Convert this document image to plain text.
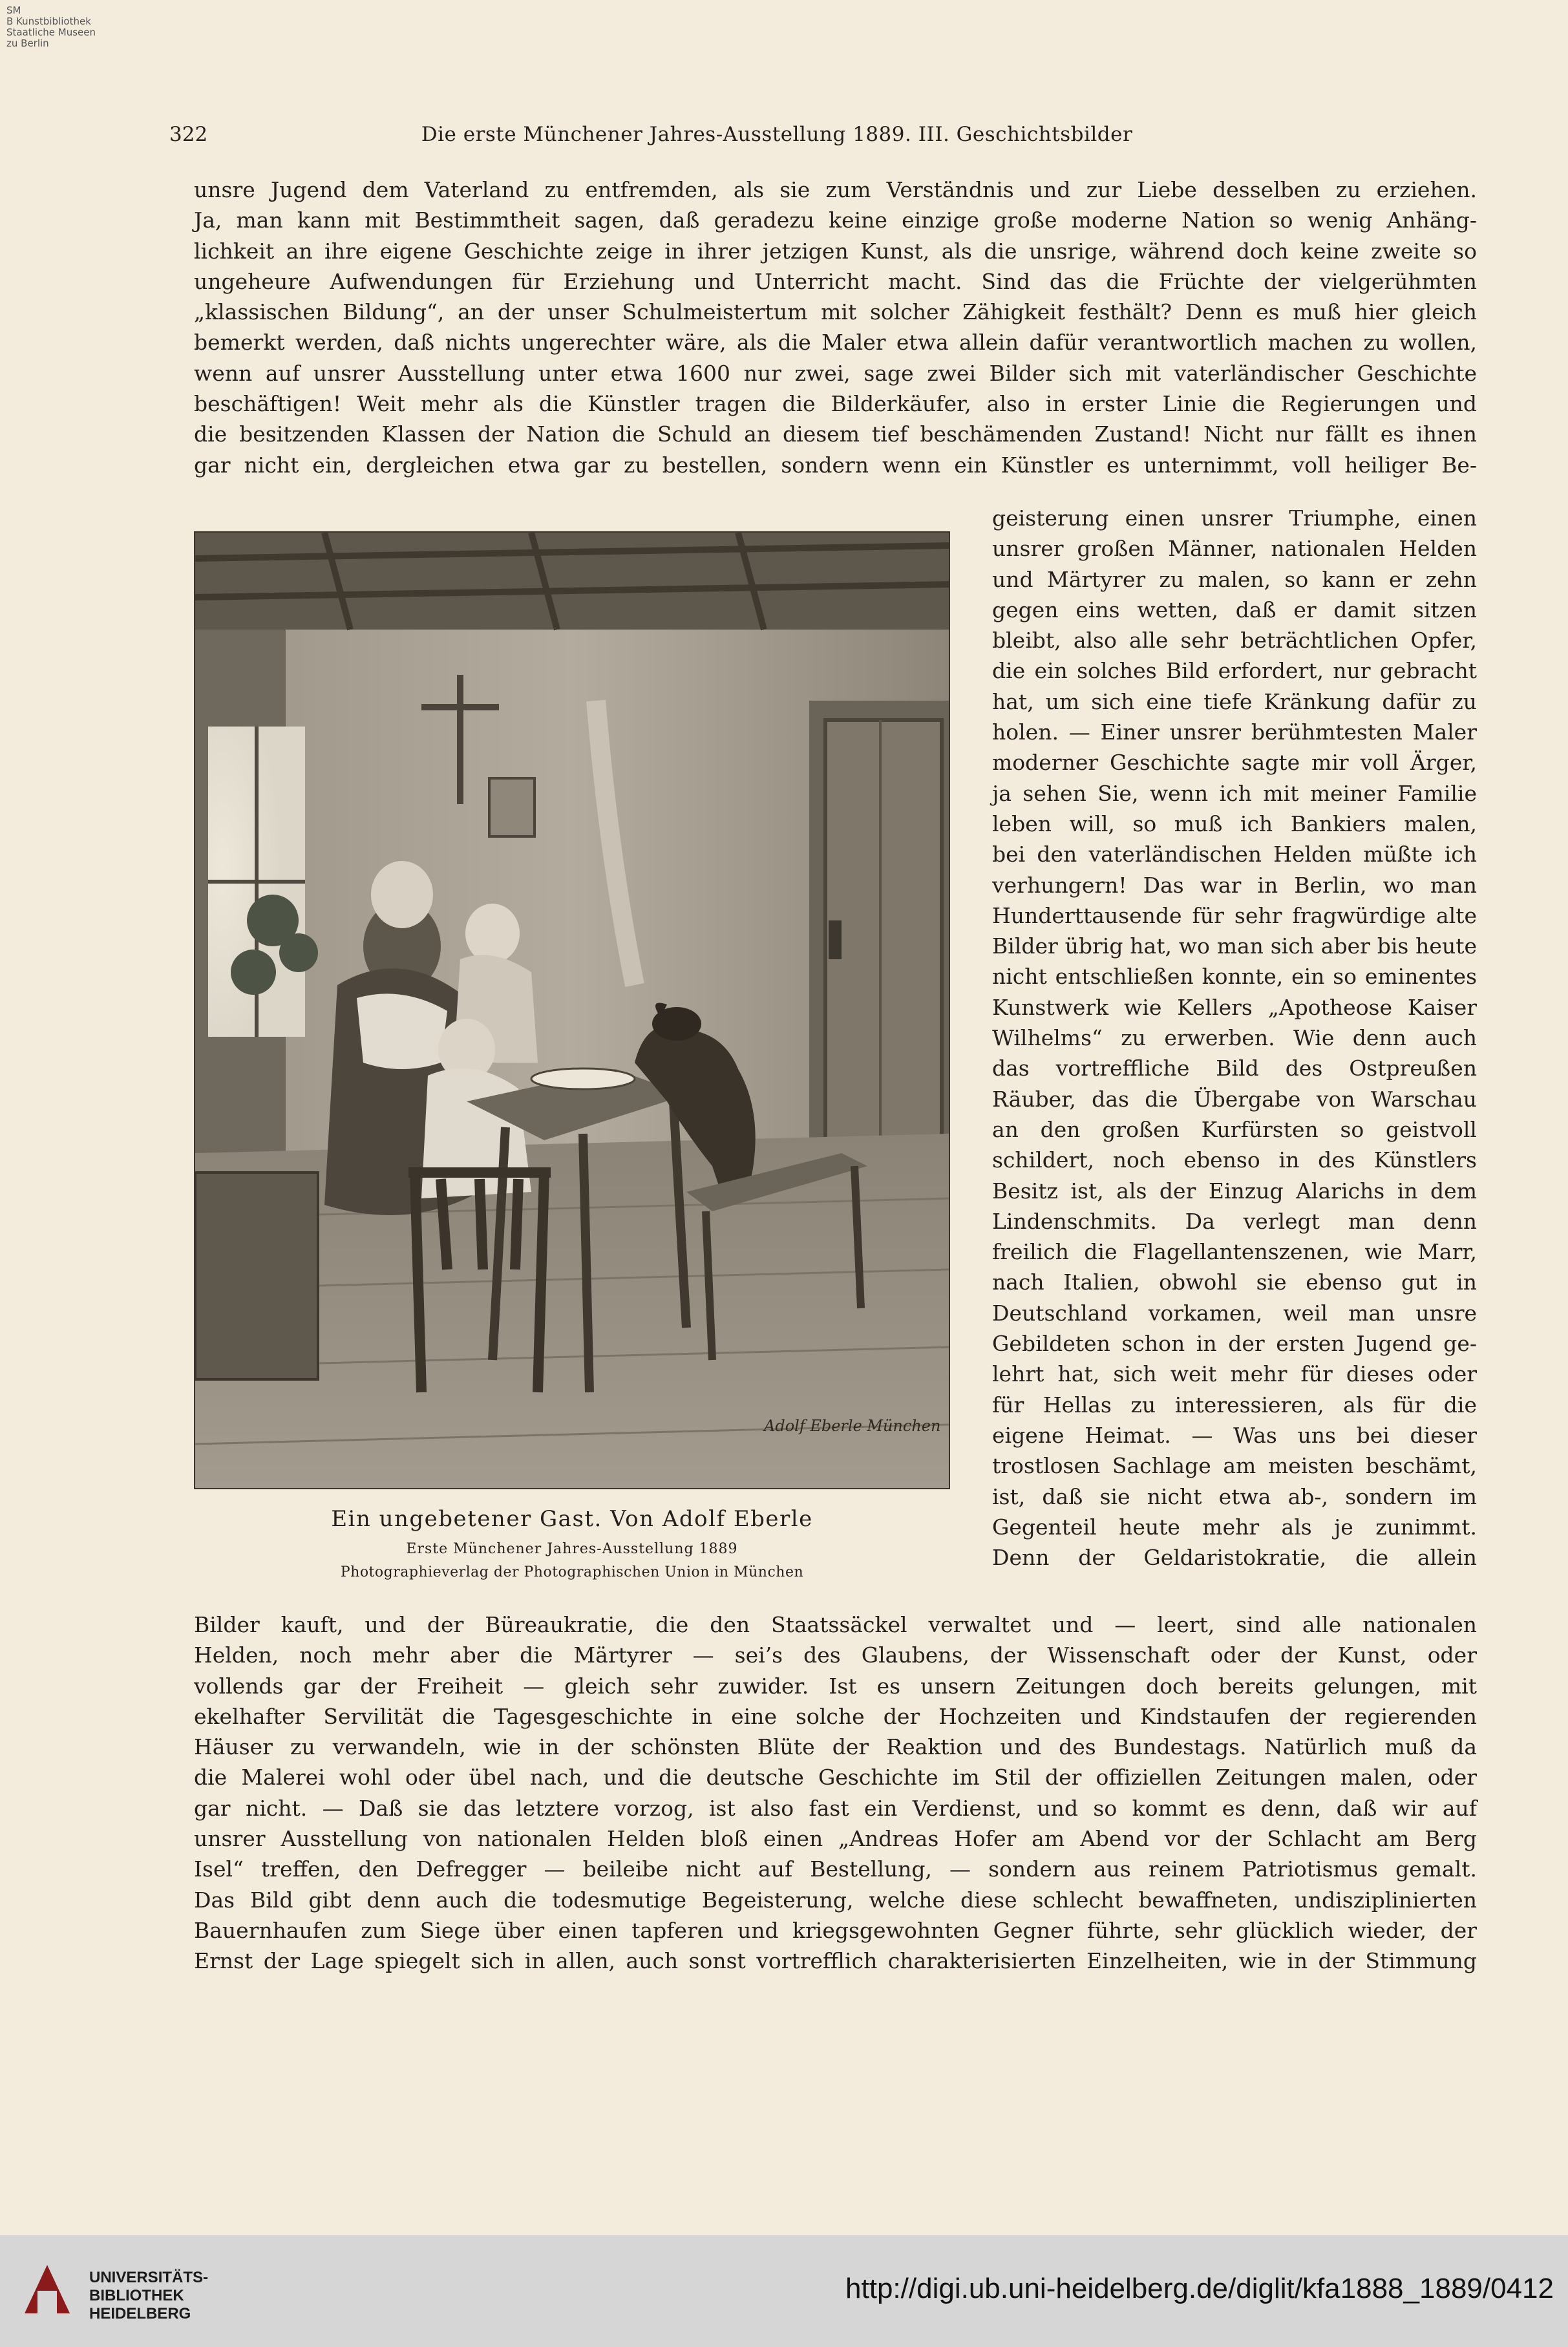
SM
B Kunstbibliothek
Staatliche Museen
zu Berlin
322	Die erste Münchener Jahres-Ausstellung 1889. III. Geschichtsbilder
unsre Jugend dem Vaterland zu entfremden, als sie zum Verständnis und zur Liebe desselben zu erziehen.
Ja, man kann mit Bestimmtheit sagen, daß geradezu keine einzige große moderne Nation so wenig Anhäng-
lichkeit an ihre eigene Geschichte zeige in ihrer jetzigen Kunst, als die unsrige, während doch keine zweite so
ungeheure Aufwendungen für Erziehung und Unterricht macht. Sind das die Früchte der vielgerühmten
„klassischen Bildung“, an der unser Schulmeistertum mit solcher Zähigkeit festhält? Denn es muß hier gleich
bemerkt werden, daß nichts ungerechter wäre, als die Maler etwa allein dafür verantwortlich machen zu wollen,
wenn auf unsrer Ausstellung unter etwa 1600 nur zwei, sage zwei Bilder sich mit vaterländischer Geschichte
beschäftigen! Weit mehr als die Künstler tragen die Bilderkäufer, also in erster Linie die Regierungen und
die besitzenden Klassen der Nation die Schuld an diesem tief beschämenden Zustand! Nicht nur fällt es ihnen
gar nicht ein, dergleichen etwa gar zu bestellen, sondern wenn ein Künstler es unternimmt, voll heiliger Be-
geisterung einen unsrer Triumphe, einen
unsrer großen Männer, nationalen Helden
und Märtyrer zu malen, so kann er zehn
gegen eins wetten, daß er damit sitzen
bleibt, also alle sehr beträchtlichen Opfer,
die ein solches Bild erfordert, nur gebracht
hat, um sich eine tiefe Kränkung dafür zu
holen. — Einer unsrer berühmtesten Maler
moderner Geschichte sagte mir voll Ärger,
ja sehen Sie, wenn ich mit meiner Familie
leben will, so muß ich Bankiers malen,
bei den vaterländischen Helden müßte ich
verhungern! Das war in Berlin, wo man
Hunderttausende für sehr fragwürdige alte
Bilder übrig hat, wo man sich aber bis heute
nicht entschließen konnte, ein so eminentes
Kunstwerk wie Kellers „Apotheose Kaiser
Wilhelms“ zu erwerben. Wie denn auch
das vortreffliche Bild des Ostpreußen
Räuber, das die Übergabe von Warschau
an den großen Kurfürsten so geistvoll
schildert, noch ebenso in des Künstlers
Besitz ist, als der Einzug Alarichs in dem
Lindenschmits. Da verlegt man denn
freilich die Flagellantenszenen, wie Marr,
nach Italien, obwohl sie ebenso gut in
Deutschland vorkamen, weil man unsre
Gebildeten schon in der ersten Jugend ge-
lehrt hat, sich weit mehr für dieses oder
für Hellas zu interessieren, als für die
eigene Heimat. — Was uns bei dieser
trostlosen Sachlage am meisten beschämt,
ist, daß sie nicht etwa ab-, sondern im
Gegenteil heute mehr als je zunimmt.
Denn der Geldaristokratie, die allein
Bilder kauft, und der Büreaukratie, die den Staatssäckel verwaltet und — leert, sind alle nationalen
Helden, noch mehr aber die Märtyrer — sei’s des Glaubens, der Wissenschaft oder der Kunst, oder
vollends gar der Freiheit — gleich sehr zuwider. Ist es unsern Zeitungen doch bereits gelungen, mit
ekelhafter Servilität die Tagesgeschichte in eine solche der Hochzeiten und Kindstaufen der regierenden
Häuser zu verwandeln, wie in der schönsten Blüte der Reaktion und des Bundestags. Natürlich muß da
die Malerei wohl oder übel nach, und die deutsche Geschichte im Stil der offiziellen Zeitungen malen, oder
gar nicht. — Daß sie das letztere vorzog, ist also fast ein Verdienst, und so kommt es denn, daß wir auf
unsrer Ausstellung von nationalen Helden bloß einen „Andreas Hofer am Abend vor der Schlacht am Berg
Isel“ treffen, den Defregger — beileibe nicht auf Bestellung, — sondern aus reinem Patriotismus gemalt.
Das Bild gibt denn auch die todesmutige Begeisterung, welche diese schlecht bewaffneten, undisziplinierten
Bauernhaufen zum Siege über einen tapferen und kriegsgewohnten Gegner führte, sehr glücklich wieder, der
Ernst der Lage spiegelt sich in allen, auch sonst vortrefflich charakterisierten Einzelheiten, wie in der Stimmung
Adolf Eberle München
Ein ungebetener Gast. Von Adolf Eberle
Erste Münchener Jahres-Ausstellung 1889
Photographieverlag der Photographischen Union in München
UNIVERSITÄTS-
BIBLIOTHEK
HEIDELBERG
http://digi.ub.uni-heidelberg.de/diglit/kfa1888_1889/0412
